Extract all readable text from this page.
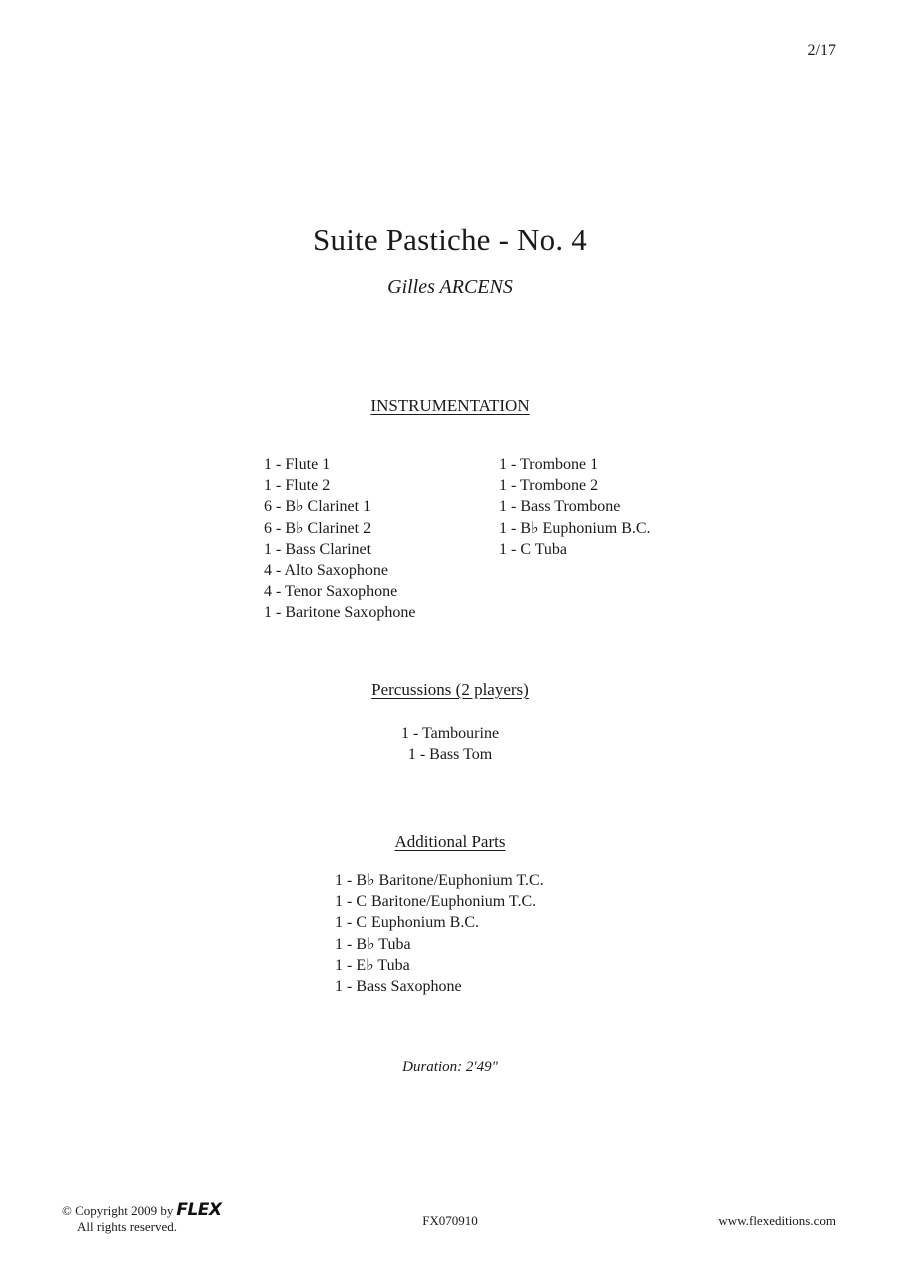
2/17
Suite Pastiche - No. 4
Gilles ARCENS
INSTRUMENTATION
1 - Flute 1
1 - Flute 2
6 - B♭ Clarinet 1
6 - B♭ Clarinet 2
1 - Bass Clarinet
4 - Alto Saxophone
4 - Tenor Saxophone
1 - Baritone Saxophone
1 - Trombone 1
1 - Trombone 2
1 - Bass Trombone
1 - B♭ Euphonium B.C.
1 - C Tuba
Percussions (2 players)
1 - Tambourine
1 - Bass Tom
Additional Parts
1 - B♭ Baritone/Euphonium T.C.
1 - C Baritone/Euphonium T.C.
1 - C Euphonium B.C.
1 - B♭ Tuba
1 - E♭ Tuba
1 - Bass Saxophone
Duration: 2'49"
© Copyright 2009 by FLEX
All rights reserved.	FX070910	www.flexeditions.com
